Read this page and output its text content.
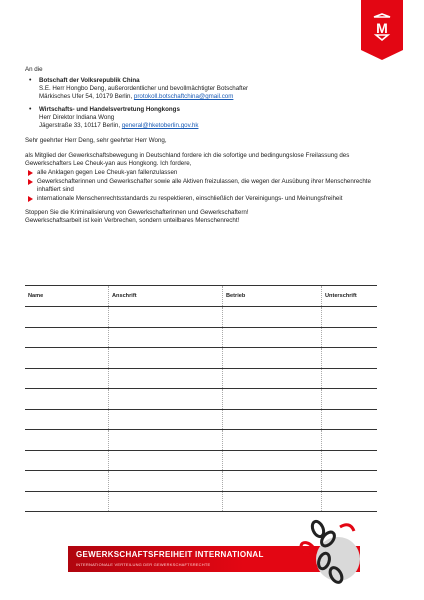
M
An die
• Botschaft der Volksrepublik China
S.E. Herr Hongbo Deng, außerordentlicher und bevollmächtigter Botschafter
Märkisches Ufer 54, 10179 Berlin, protokoll.botschaftchina@gmail.com
• Wirtschafts- und Handelsvertretung Hongkongs
Herr Direktor Indiana Wong
Jägerstraße 33, 10117 Berlin, general@hketoberlin.gov.hk
Sehr geehrter Herr Deng, sehr geehrter Herr Wong,
als Mitglied der Gewerkschaftsbewegung in Deutschland fordere ich die sofortige und bedingungslose Freilassung des Gewerkschafters Lee Cheuk-yan aus Hongkong. Ich fordere,
alle Anklagen gegen Lee Cheuk-yan fallenzulassen
Gewerkschafterinnen und Gewerkschafter sowie alle Aktiven freizulassen, die wegen der Ausübung ihrer Menschenrechte inhaftiert sind
internationale Menschenrechtsstandards zu respektieren, einschließlich der Vereinigungs- und Meinungsfreiheit
Stoppen Sie die Kriminalisierung von Gewerkschafterinnen und Gewerkschaftern!
Gewerkschaftsarbeit ist kein Verbrechen, sondern unteilbares Menschenrecht!
Name	Anschrift	Betrieb	Unterschrift

GEWERKSCHAFTSFREIHEIT INTERNATIONAL
INTERNATIONALE VERTEILUNG DER GEWERKSCHAFTSRECHTE
